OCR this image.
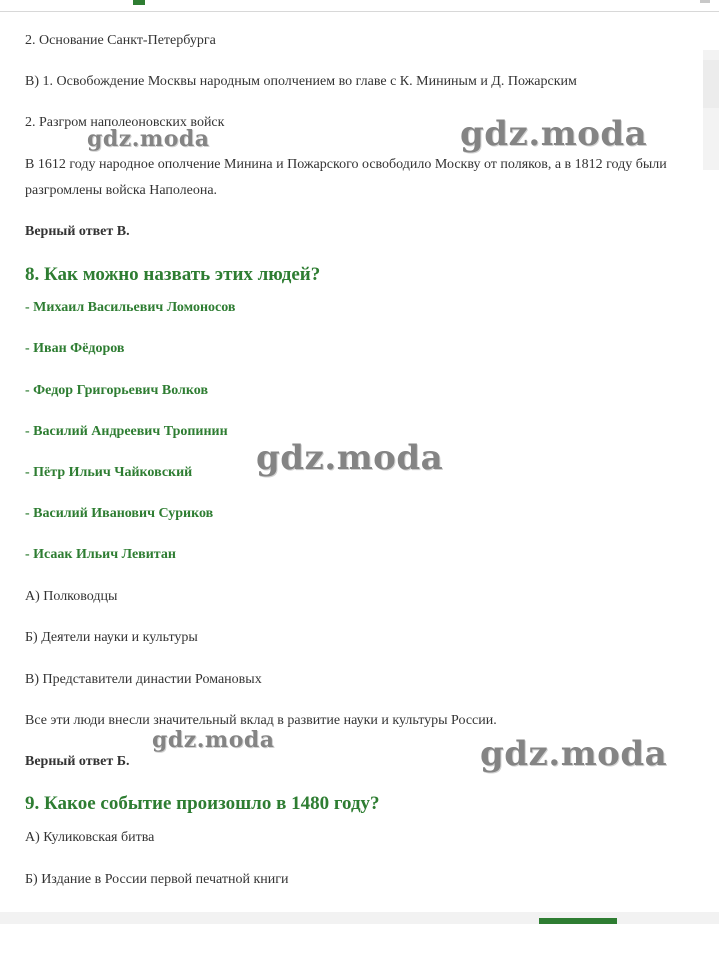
2. Основание Санкт-Петербурга
В) 1. Освобождение Москвы народным ополчением во главе с К. Мининым и Д. Пожарским
2. Разгром наполеоновских войск
В 1612 году народное ополчение Минина и Пожарского освободило Москву от поляков, а в 1812 году были разгромлены войска Наполеона.
Верный ответ В.
8. Как можно назвать этих людей?
- Михаил Васильевич Ломоносов
- Иван Фёдоров
- Федор Григорьевич Волков
- Василий Андреевич Тропинин
- Пётр Ильич Чайковский
- Василий Иванович Суриков
- Исаак Ильич Левитан
А) Полководцы
Б) Деятели науки и культуры
В) Представители династии Романовых
Все эти люди внесли значительный вклад в развитие науки и культуры России.
Верный ответ Б.
9. Какое событие произошло в 1480 году?
А) Куликовская битва
Б) Издание в России первой печатной книги
gdz.moda	gdz.moda
gdz.moda
gdz.moda	gdz.moda
